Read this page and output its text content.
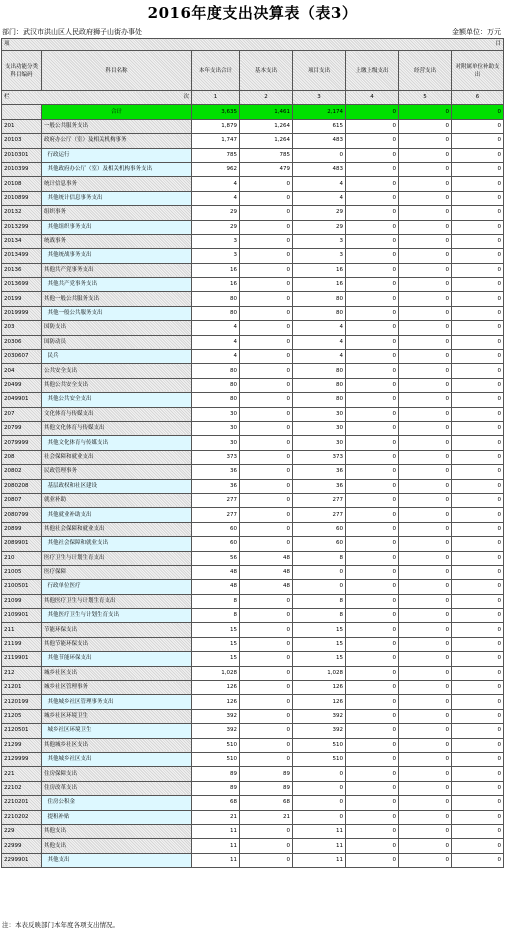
2016年度支出决算表（表3）
部门：武汉市洪山区人民政府狮子山街办事处	金额单位：万元
项 目							

支出功能分类科目编码	科目名称	本年支出合计	基本支出	项目支出	上缴上级支出	经营支出	对附属单位补助支出
栏 次		1	2	3	4	5	6
	合计	3,635	1,461	2,174	0	0	0
201	一般公共服务支出	1,879	1,264	615	0	0	0
20103	政府办公厅（室）及相关机构事务	1,747	1,264	483	0	0	0
2010301	行政运行	785	785	0	0	0	0
2010399	其他政府办公厅（室）及相关机构事务支出	962	479	483	0	0	0
20108	统计信息事务	4	0	4	0	0	0
2010899	其他统计信息事务支出	4	0	4	0	0	0
20132	组织事务	29	0	29	0	0	0
2013299	其他组织事务支出	29	0	29	0	0	0
20134	统战事务	3	0	3	0	0	0
2013499	其他统战事务支出	3	0	3	0	0	0
20136	其他共产党事务支出	16	0	16	0	0	0
2013699	其他共产党事务支出	16	0	16	0	0	0
20199	其他一般公共服务支出	80	0	80	0	0	0
2019999	其他一般公共服务支出	80	0	80	0	0	0
203	国防支出	4	0	4	0	0	0
20306	国防动员	4	0	4	0	0	0
2030607	民兵	4	0	4	0	0	0
204	公共安全支出	80	0	80	0	0	0
20499	其他公共安全支出	80	0	80	0	0	0
2049901	其他公共安全支出	80	0	80	0	0	0
207	文化体育与传媒支出	30	0	30	0	0	0
20799	其他文化体育与传媒支出	30	0	30	0	0	0
2079999	其他文化体育与传媒支出	30	0	30	0	0	0
208	社会保障和就业支出	373	0	373	0	0	0
20802	民政管理事务	36	0	36	0	0	0
2080208	基层政权和社区建设	36	0	36	0	0	0
20807	就业补助	277	0	277	0	0	0
2080799	其他就业补助支出	277	0	277	0	0	0
20899	其他社会保障和就业支出	60	0	60	0	0	0
2089901	其他社会保障和就业支出	60	0	60	0	0	0
210	医疗卫生与计划生育支出	56	48	8	0	0	0
21005	医疗保障	48	48	0	0	0	0
2100501	行政单位医疗	48	48	0	0	0	0
21099	其他医疗卫生与计划生育支出	8	0	8	0	0	0
2109901	其他医疗卫生与计划生育支出	8	0	8	0	0	0
211	节能环保支出	15	0	15	0	0	0
21199	其他节能环保支出	15	0	15	0	0	0
2119901	其他节能环保支出	15	0	15	0	0	0
212	城乡社区支出	1,028	0	1,028	0	0	0
21201	城乡社区管理事务	126	0	126	0	0	0
2120199	其他城乡社区管理事务支出	126	0	126	0	0	0
21205	城乡社区环境卫生	392	0	392	0	0	0
2120501	城乡社区环境卫生	392	0	392	0	0	0
21299	其他城乡社区支出	510	0	510	0	0	0
2129999	其他城乡社区支出	510	0	510	0	0	0
221	住房保障支出	89	89	0	0	0	0
22102	住房改革支出	89	89	0	0	0	0
2210201	住房公积金	68	68	0	0	0	0
2210202	提租补贴	21	21	0	0	0	0
229	其他支出	11	0	11	0	0	0
22999	其他支出	11	0	11	0	0	0
2299901	其他支出	11	0	11	0	0	0
注：本表反映部门本年度各项支出情况。
